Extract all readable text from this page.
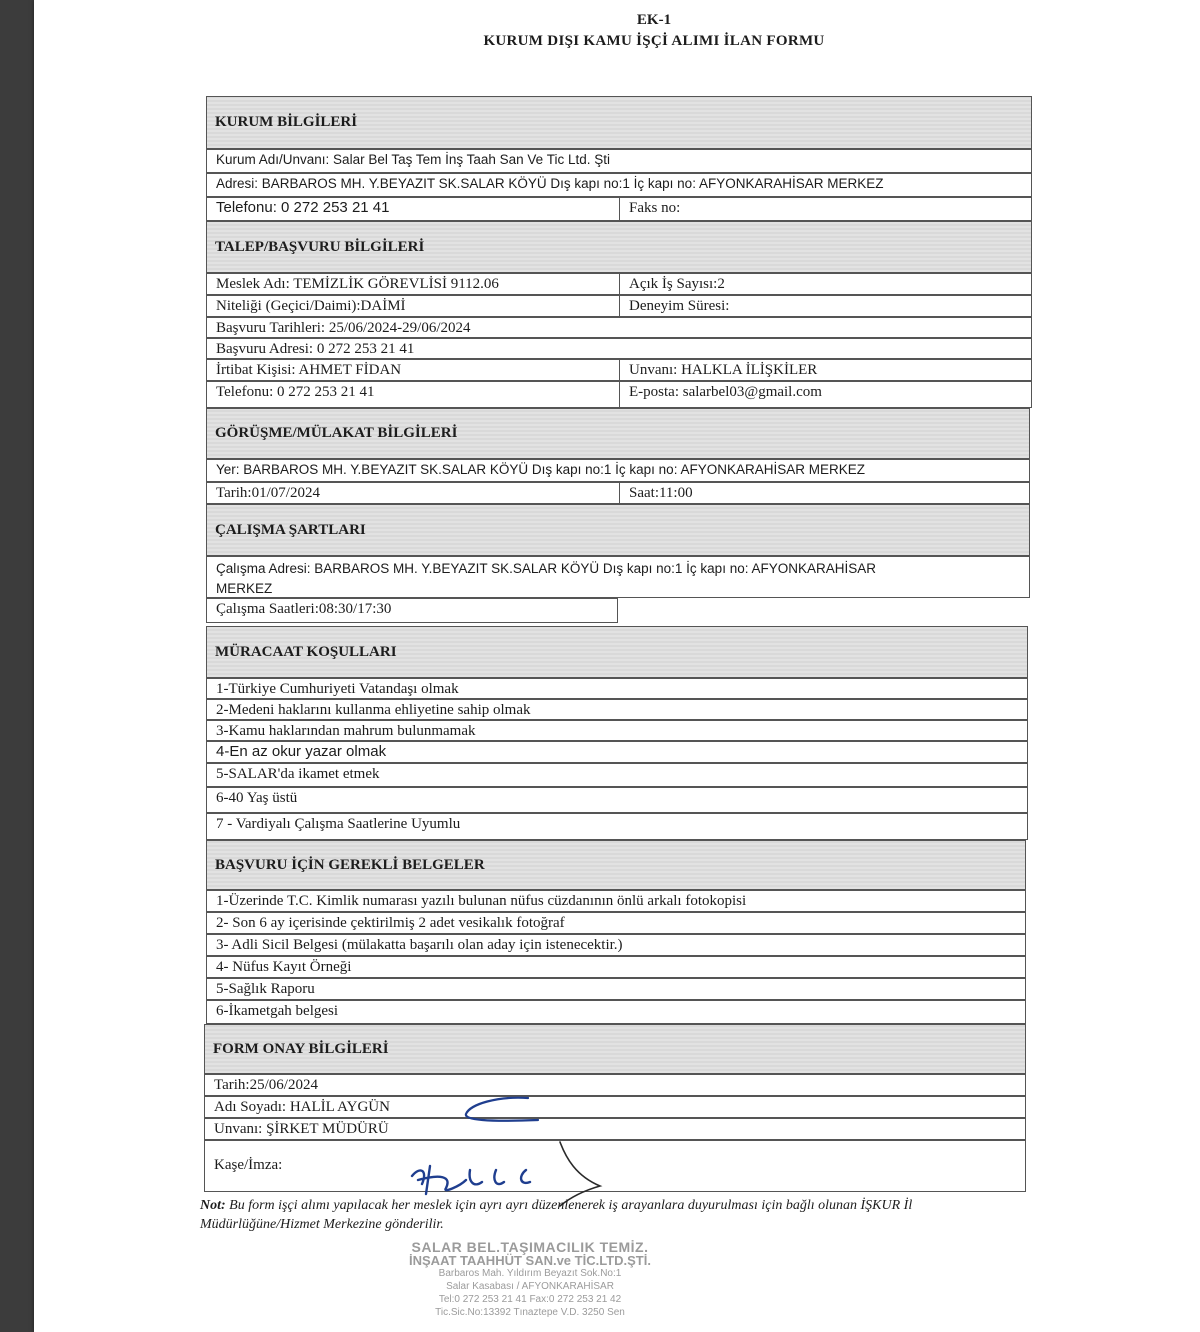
EK-1
KURUM DIŞI KAMU İŞÇİ ALIMI İLAN FORMU
KURUM BİLGİLERİ
Kurum Adı/Unvanı: Salar Bel Taş Tem İnş Taah San Ve Tic Ltd. Şti
Adresi: BARBAROS MH. Y.BEYAZIT SK.SALAR KÖYÜ Dış kapı no:1 İç kapı no: AFYONKARAHİSAR MERKEZ
Telefonu: 0 272 253 21 41	Faks no:
TALEP/BAŞVURU BİLGİLERİ
Meslek Adı: TEMİZLİK GÖREVLİSİ 9112.06	Açık İş Sayısı:2
Niteliği (Geçici/Daimi):DAİMİ	Deneyim Süresi:
Başvuru Tarihleri: 25/06/2024-29/06/2024
Başvuru Adresi: 0 272 253 21 41
İrtibat Kişisi: AHMET FİDAN	Unvanı: HALKLA İLİŞKİLER
Telefonu: 0 272 253 21 41	E-posta: salarbel03@gmail.com
GÖRÜŞME/MÜLAKAT BİLGİLERİ
Yer: BARBAROS MH. Y.BEYAZIT SK.SALAR KÖYÜ Dış kapı no:1 İç kapı no: AFYONKARAHİSAR MERKEZ
Tarih:01/07/2024	Saat:11:00
ÇALIŞMA ŞARTLARI
Çalışma Adresi: BARBAROS MH. Y.BEYAZIT SK.SALAR KÖYÜ Dış kapı no:1 İç kapı no: AFYONKARAHİSAR
MERKEZ
Çalışma Saatleri:08:30/17:30
MÜRACAAT KOŞULLARI
1-Türkiye Cumhuriyeti Vatandaşı olmak
2-Medeni haklarını kullanma ehliyetine sahip olmak
3-Kamu haklarından mahrum bulunmamak
4-En az okur yazar olmak
5-SALAR'da ikamet etmek
6-40 Yaş üstü
7 - Vardiyalı Çalışma Saatlerine Uyumlu
BAŞVURU İÇİN GEREKLİ BELGELER
1-Üzerinde T.C. Kimlik numarası yazılı bulunan nüfus cüzdanının önlü arkalı fotokopisi
2- Son 6 ay içerisinde çektirilmiş 2 adet vesikalık fotoğraf
3- Adli Sicil Belgesi (mülakatta başarılı olan aday için istenecektir.)
4- Nüfus Kayıt Örneği
5-Sağlık Raporu
6-İkametgah belgesi
FORM ONAY BİLGİLERİ
Tarih:25/06/2024
Adı Soyadı: HALİL AYGÜN
Unvanı: ŞİRKET MÜDÜRÜ
Kaşe/İmza:
Not: Bu form işçi alımı yapılacak her meslek için ayrı ayrı düzenlenerek iş arayanlara duyurulması için bağlı olunan İŞKUR İl Müdürlüğüne/Hizmet Merkezine gönderilir.
SALAR BEL.TAŞIMACILIK TEMİZ.
İNŞAAT TAAHHÜT SAN.ve TİC.LTD.ŞTİ.
Barbaros Mah. Yıldırım Beyazıt Sok.No:1
Salar Kasabası / AFYONKARAHİSAR
Tel:0 272 253 21 41 Fax:0 272 253 21 42
Tic.Sic.No:13392 Tınaztepe V.D. 3250 Sen
